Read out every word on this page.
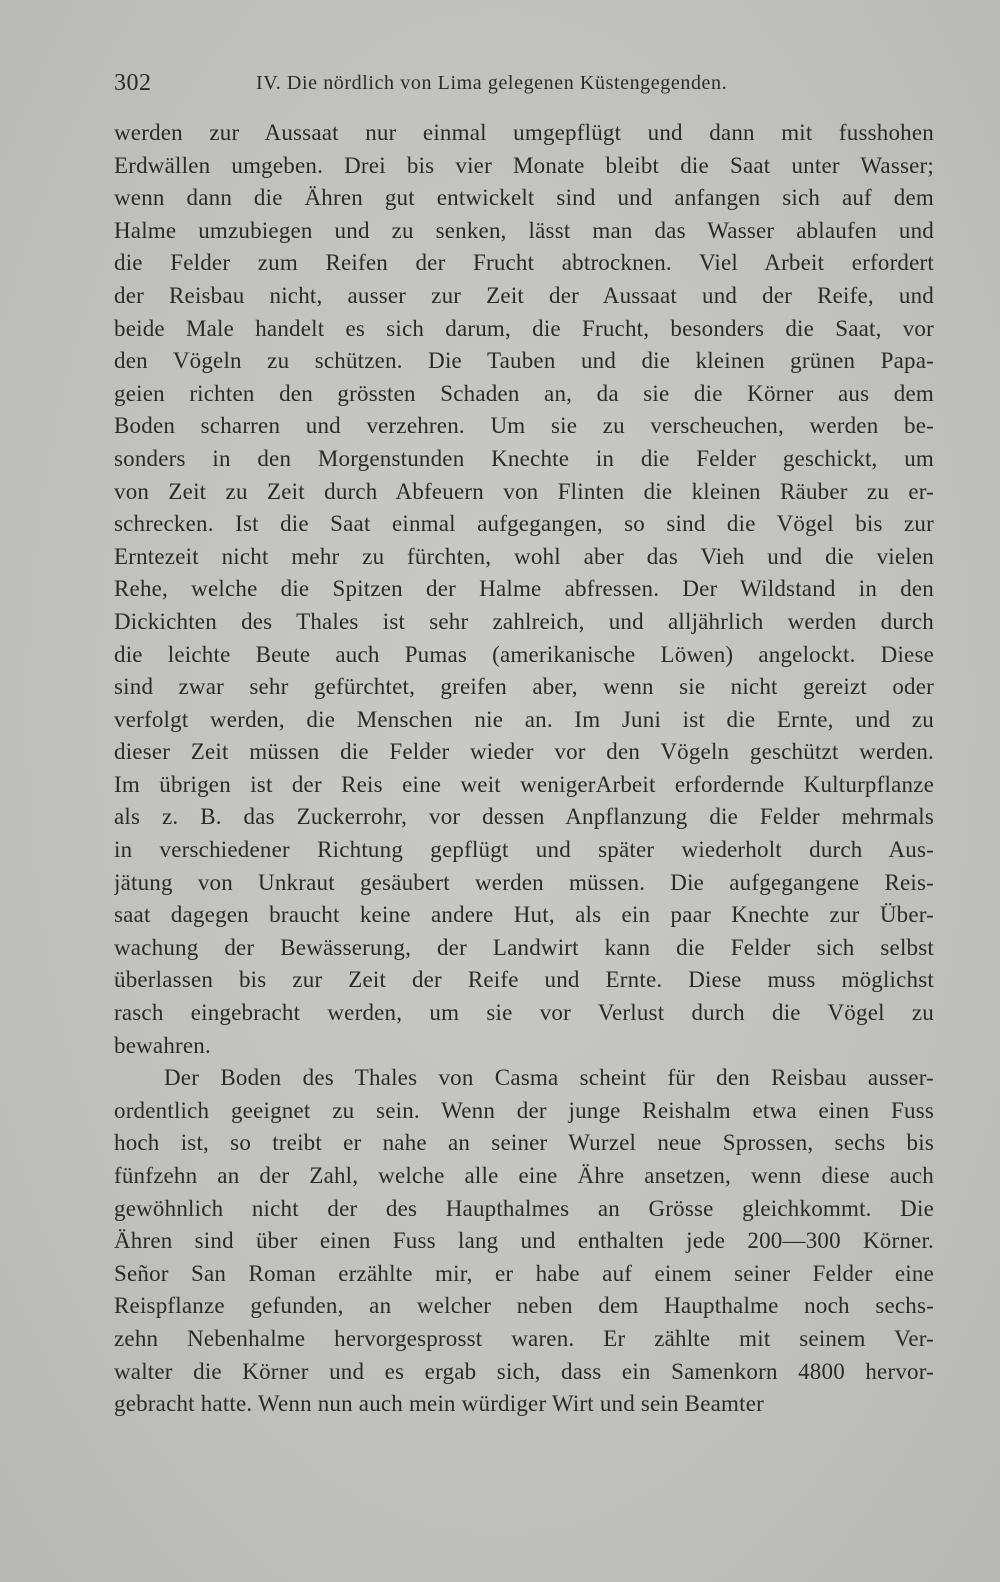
302	IV. Die nördlich von Lima gelegenen Küstengegenden.
werden zur Aussaat nur einmal umgepflügt und dann mit fusshohen
Erdwällen umgeben. Drei bis vier Monate bleibt die Saat unter Wasser;
wenn dann die Ähren gut entwickelt sind und anfangen sich auf dem
Halme umzubiegen und zu senken, lässt man das Wasser ablaufen und
die Felder zum Reifen der Frucht abtrocknen. Viel Arbeit erfordert
der Reisbau nicht, ausser zur Zeit der Aussaat und der Reife, und
beide Male handelt es sich darum, die Frucht, besonders die Saat, vor
den Vögeln zu schützen. Die Tauben und die kleinen grünen Papa-
geien richten den grössten Schaden an, da sie die Körner aus dem
Boden scharren und verzehren. Um sie zu verscheuchen, werden be-
sonders in den Morgenstunden Knechte in die Felder geschickt, um
von Zeit zu Zeit durch Abfeuern von Flinten die kleinen Räuber zu er-
schrecken. Ist die Saat einmal aufgegangen, so sind die Vögel bis zur
Erntezeit nicht mehr zu fürchten, wohl aber das Vieh und die vielen
Rehe, welche die Spitzen der Halme abfressen. Der Wildstand in den
Dickichten des Thales ist sehr zahlreich, und alljährlich werden durch
die leichte Beute auch Pumas (amerikanische Löwen) angelockt. Diese
sind zwar sehr gefürchtet, greifen aber, wenn sie nicht gereizt oder
verfolgt werden, die Menschen nie an. Im Juni ist die Ernte, und zu
dieser Zeit müssen die Felder wieder vor den Vögeln geschützt werden.
Im übrigen ist der Reis eine weit wenigerArbeit erfordernde Kulturpflanze
als z. B. das Zuckerrohr, vor dessen Anpflanzung die Felder mehrmals
in verschiedener Richtung gepflügt und später wiederholt durch Aus-
jätung von Unkraut gesäubert werden müssen. Die aufgegangene Reis-
saat dagegen braucht keine andere Hut, als ein paar Knechte zur Über-
wachung der Bewässerung, der Landwirt kann die Felder sich selbst
überlassen bis zur Zeit der Reife und Ernte. Diese muss möglichst
rasch eingebracht werden, um sie vor Verlust durch die Vögel zu
bewahren.
Der Boden des Thales von Casma scheint für den Reisbau ausser-
ordentlich geeignet zu sein. Wenn der junge Reishalm etwa einen Fuss
hoch ist, so treibt er nahe an seiner Wurzel neue Sprossen, sechs bis
fünfzehn an der Zahl, welche alle eine Ähre ansetzen, wenn diese auch
gewöhnlich nicht der des Haupthalmes an Grösse gleichkommt. Die
Ähren sind über einen Fuss lang und enthalten jede 200—300 Körner.
Señor San Roman erzählte mir, er habe auf einem seiner Felder eine
Reispflanze gefunden, an welcher neben dem Haupthalme noch sechs-
zehn Nebenhalme hervorgesprosst waren. Er zählte mit seinem Ver-
walter die Körner und es ergab sich, dass ein Samenkorn 4800 hervor-
gebracht hatte. Wenn nun auch mein würdiger Wirt und sein Beamter
